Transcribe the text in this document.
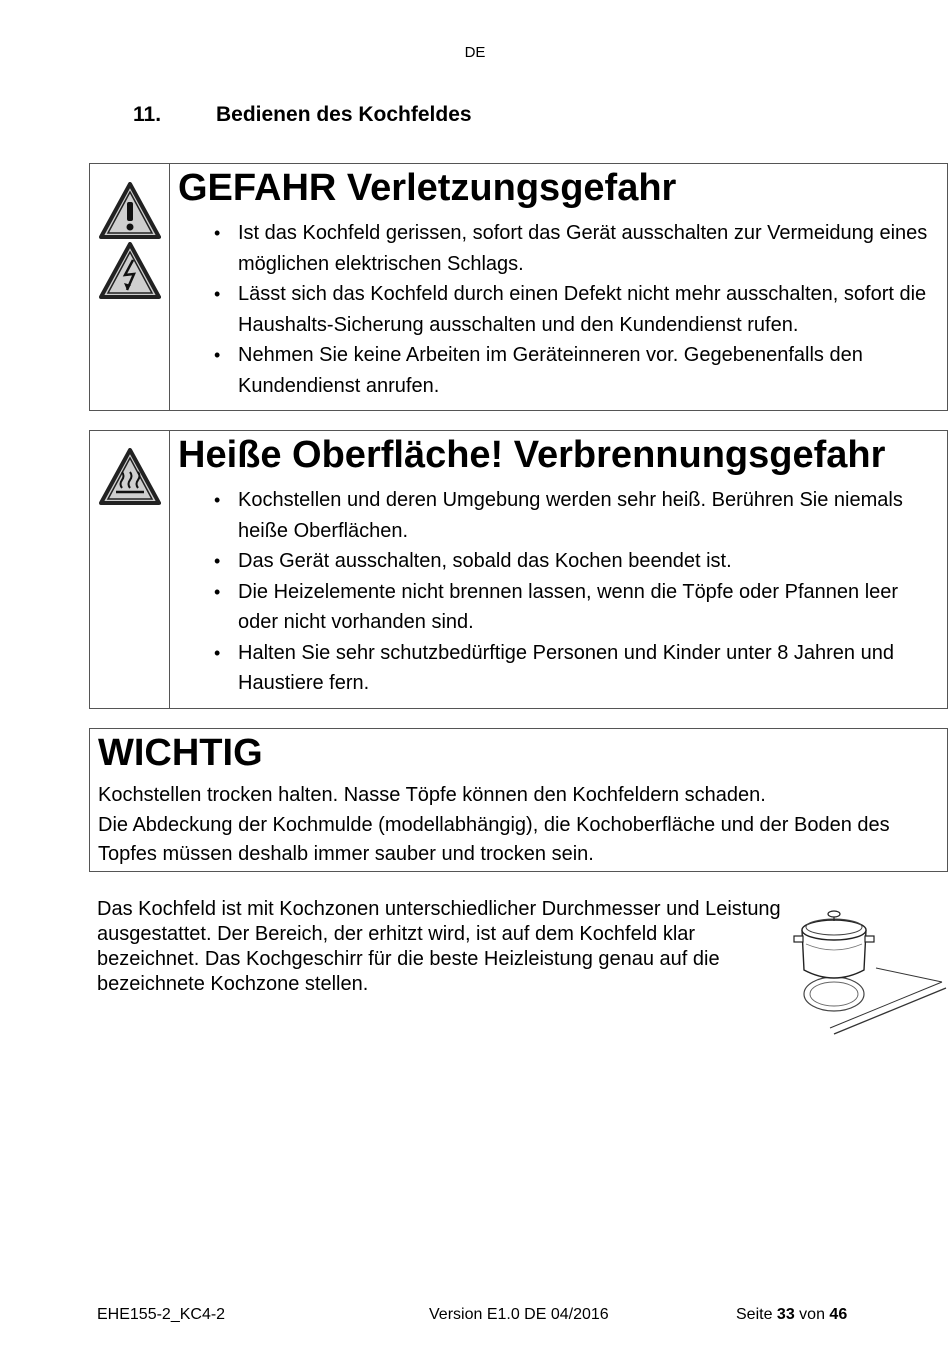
DE
11.	Bedienen des Kochfeldes
GEFAHR Verletzungsgefahr
• Ist das Kochfeld gerissen, sofort das Gerät ausschalten zur Vermeidung eines möglichen elektrischen Schlags.
• Lässt sich das Kochfeld durch einen Defekt nicht mehr ausschalten, sofort die Haushalts-Sicherung ausschalten und den Kundendienst rufen.
• Nehmen Sie keine Arbeiten im Geräteinneren vor. Gegebenenfalls den Kundendienst anrufen.
Heiße Oberfläche! Verbrennungsgefahr
• Kochstellen und deren Umgebung werden sehr heiß. Berühren Sie niemals heiße Oberflächen.
• Das Gerät ausschalten, sobald das Kochen beendet ist.
• Die Heizelemente nicht brennen lassen, wenn die Töpfe oder Pfannen leer oder nicht vorhanden sind.
• Halten Sie sehr schutzbedürftige Personen und Kinder unter 8 Jahren und Haustiere fern.
WICHTIG

Kochstellen trocken halten. Nasse Töpfe können den Kochfeldern schaden.

Die Abdeckung der Kochmulde (modellabhängig), die Kochoberfläche und der Boden des Topfes müssen deshalb immer sauber und trocken sein.

Das Kochfeld ist mit Kochzonen unterschiedlicher Durchmesser und Leistung ausgestattet. Der Bereich, der erhitzt wird, ist auf dem Kochfeld klar bezeichnet. Das Kochgeschirr für die beste Heizleistung genau auf die bezeichnete Kochzone stellen.

EHE155-2_KC4-2	Version E1.0 DE 04/2016	Seite 33 von 46
